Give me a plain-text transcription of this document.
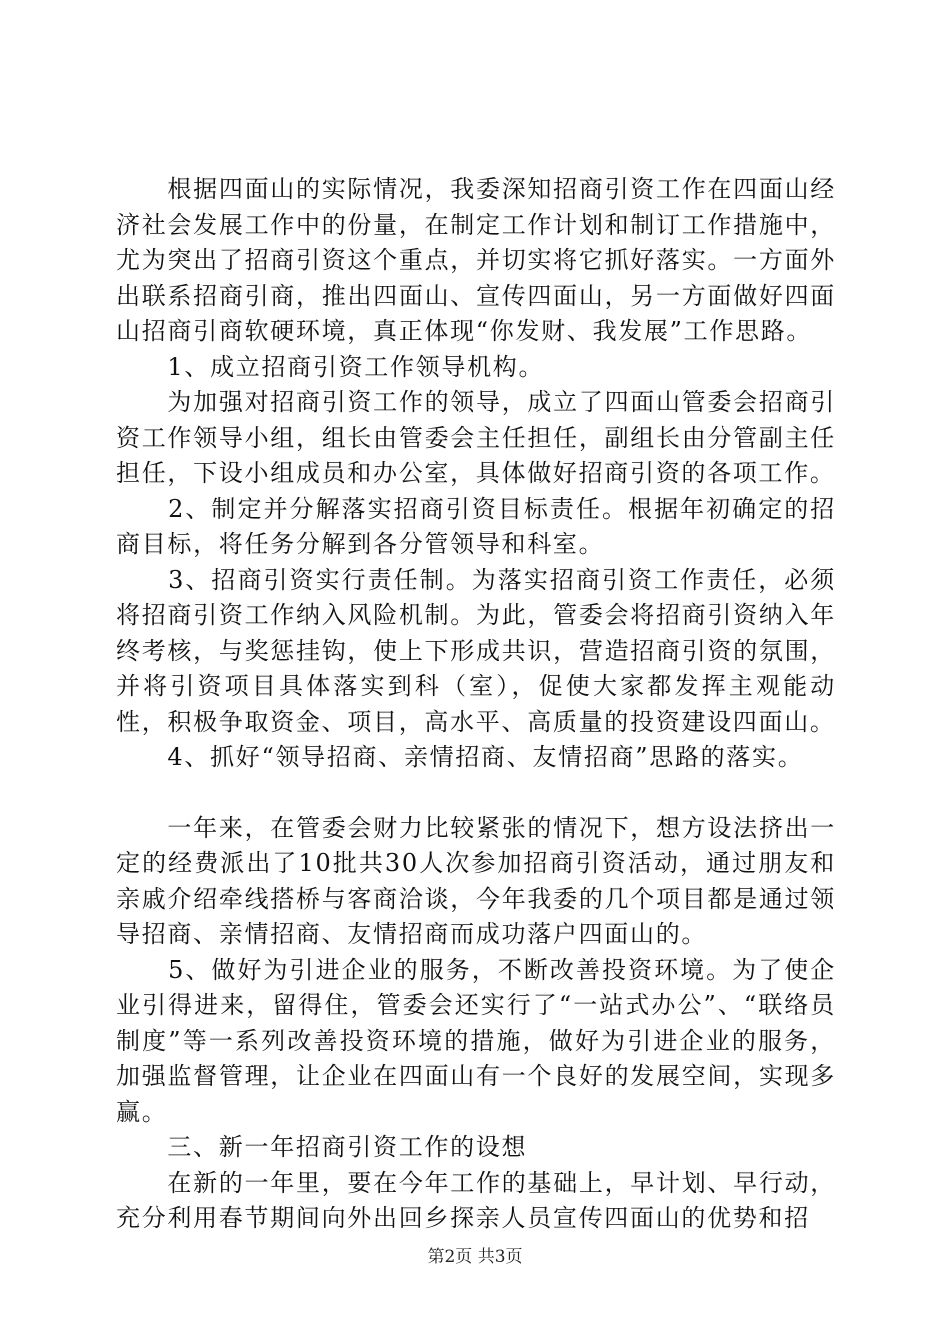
　　根据四面山的实际情况，我委深知招商引资工作在四面山经济社会发展工作中的份量，在制定工作计划和制订工作措施中，尤为突出了招商引资这个重点，并切实将它抓好落实。一方面外出联系招商引商，推出四面山、宣传四面山，另一方面做好四面山招商引商软硬环境，真正体现“你发财、我发展”工作思路。

　　1、成立招商引资工作领导机构。

　　为加强对招商引资工作的领导，成立了四面山管委会招商引资工作领导小组，组长由管委会主任担任，副组长由分管副主任担任，下设小组成员和办公室，具体做好招商引资的各项工作。

　　2、制定并分解落实招商引资目标责任。根据年初确定的招商目标，将任务分解到各分管领导和科室。

　　3、招商引资实行责任制。为落实招商引资工作责任，必须将招商引资工作纳入风险机制。为此，管委会将招商引资纳入年终考核，与奖惩挂钩，使上下形成共识，营造招商引资的氛围，并将引资项目具体落实到科（室），促使大家都发挥主观能动性，积极争取资金、项目，高水平、高质量的投资建设四面山。

　　4、抓好“领导招商、亲情招商、友情招商”思路的落实。

　　一年来，在管委会财力比较紧张的情况下，想方设法挤出一定的经费派出了10批共30人次参加招商引资活动，通过朋友和亲戚介绍牵线搭桥与客商洽谈，今年我委的几个项目都是通过领导招商、亲情招商、友情招商而成功落户四面山的。

　　5、做好为引进企业的服务，不断改善投资环境。为了使企业引得进来，留得住，管委会还实行了“一站式办公”、“联络员制度”等一系列改善投资环境的措施，做好为引进企业的服务，加强监督管理，让企业在四面山有一个良好的发展空间，实现多赢。

　　三、新一年招商引资工作的设想

　　在新的一年里，要在今年工作的基础上，早计划、早行动，充分利用春节期间向外出回乡探亲人员宣传四面山的优势和招

第2页 共3页
